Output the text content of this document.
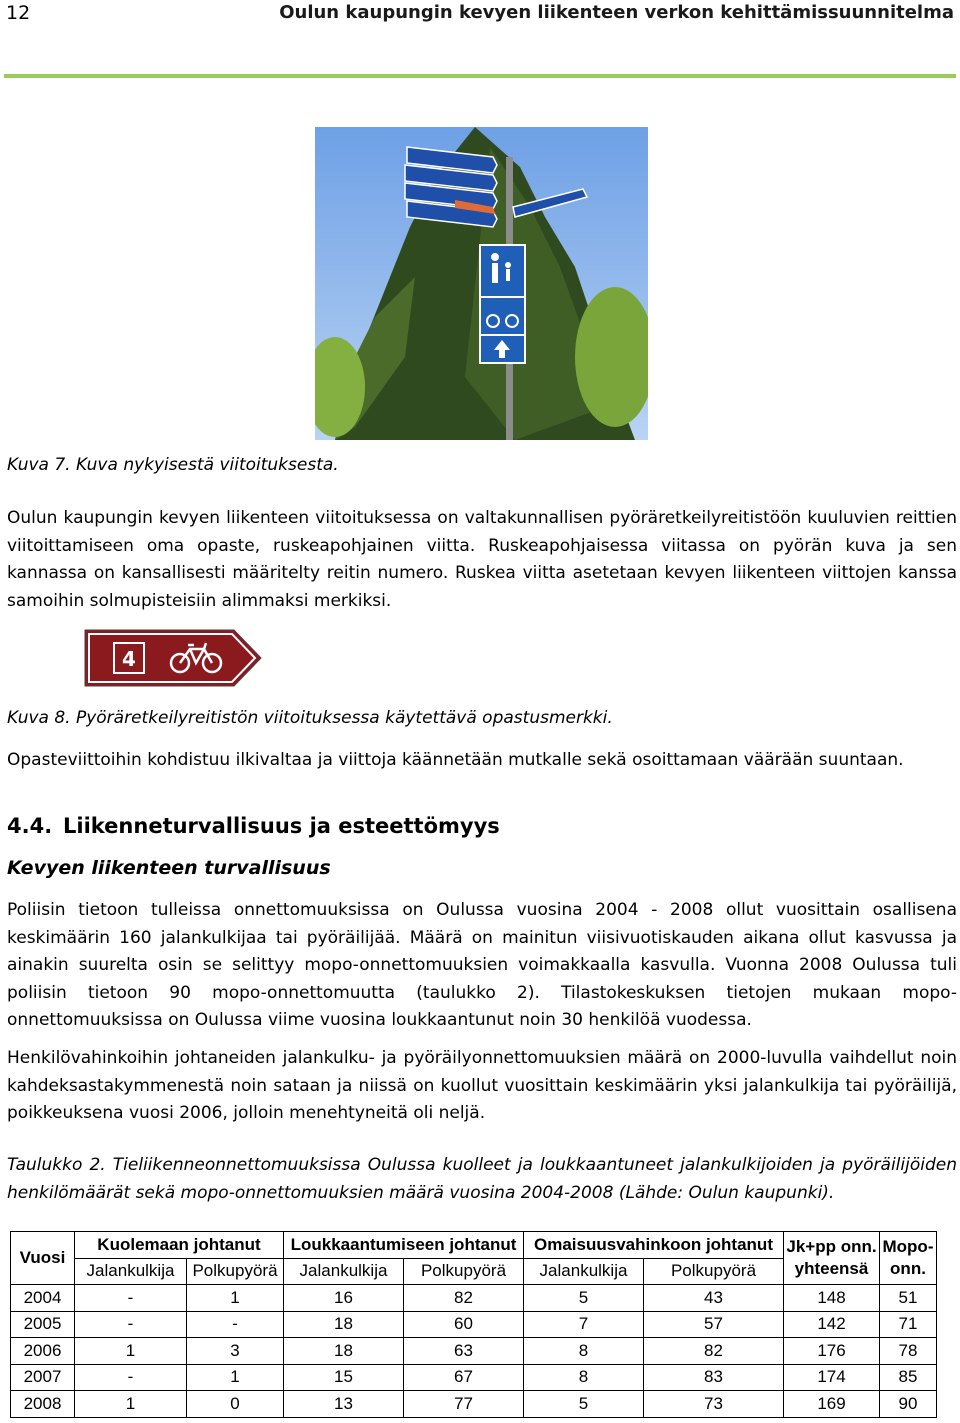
12	Oulun kaupungin kevyen liikenteen verkon kehittämissuunnitelma
Kuva 7. Kuva nykyisestä viitoituksesta.
Oulun kaupungin kevyen liikenteen viitoituksessa on valtakunnallisen pyöräretkeilyreitistöön kuuluvien reittien viitoittamiseen oma opaste, ruskeapohjainen viitta. Ruskeapohjaisessa viitassa on pyörän kuva ja sen kannassa on kansallisesti määritelty reitin numero. Ruskea viitta asetetaan kevyen liikenteen viittojen kanssa samoihin solmupisteisiin alimmaksi merkiksi.
4
Kuva 8. Pyöräretkeilyreitistön viitoituksessa käytettävä opastusmerkki.
Opasteviittoihin kohdistuu ilkivaltaa ja viittoja käännetään mutkalle sekä osoittamaan väärään suuntaan.
4.4. Liikenneturvallisuus ja esteettömyys
Kevyen liikenteen turvallisuus
Poliisin tietoon tulleissa onnettomuuksissa on Oulussa vuosina 2004 - 2008 ollut vuosittain osallisena keskimäärin 160 jalankulkijaa tai pyöräilijää. Määrä on mainitun viisivuotiskauden aikana ollut kasvussa ja ainakin suurelta osin se selittyy mopo-onnettomuuksien voimakkaalla kasvulla. Vuonna 2008 Oulussa tuli poliisin tietoon 90 mopo-onnettomuutta (taulukko 2). Tilastokeskuksen tietojen mukaan mopo-onnettomuuksissa on Oulussa viime vuosina loukkaantunut noin 30 henkilöä vuodessa.
Henkilövahinkoihin johtaneiden jalankulku- ja pyöräilyonnettomuuksien määrä on 2000-luvulla vaihdellut noin kahdeksastakymmenestä noin sataan ja niissä on kuollut vuosittain keskimäärin yksi jalankulkija tai pyöräilijä, poikkeuksena vuosi 2006, jolloin menehtyneitä oli neljä.
Taulukko 2. Tieliikenneonnettomuuksissa Oulussa kuolleet ja loukkaantuneet jalankulkijoiden ja pyöräilijöiden henkilömäärät sekä mopo-onnettomuuksien määrä vuosina 2004-2008 (Lähde: Oulun kaupunki).
Vuosi	Kuolemaan johtanut		Loukkaantumiseen johtanut		Omaisuusvahinkoon johtanut		Jk+pp onn. yhteensä	Mopo-onn.
	Jalankulkija	Polkupyörä	Jalankulkija	Polkupyörä	Jalankulkija	Polkupyörä		
2004	-	1	16	82	5	43	148	51
2005	-	-	18	60	7	57	142	71
2006	1	3	18	63	8	82	176	78
2007	-	1	15	67	8	83	174	85
2008	1	0	13	77	5	73	169	90
